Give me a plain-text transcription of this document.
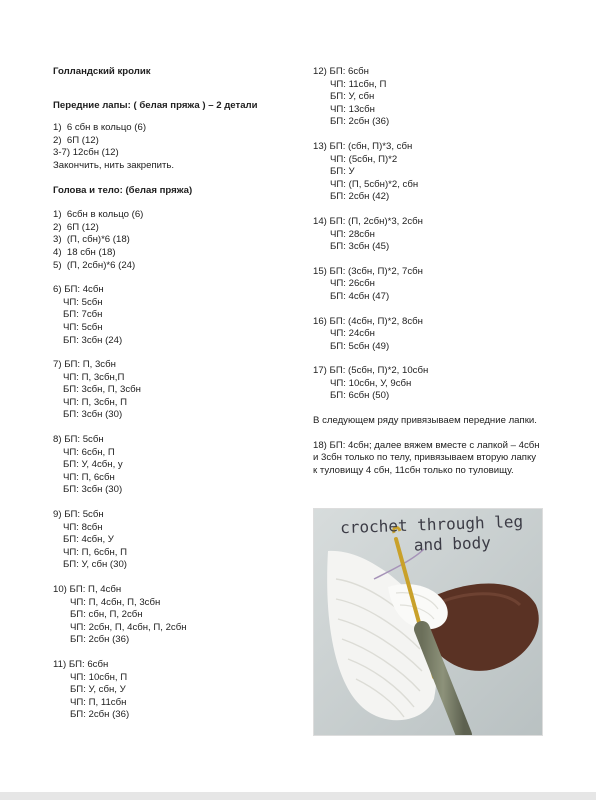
Голландский кролик
Передние лапы: ( белая пряжа ) – 2 детали
1)  6 сбн в кольцо (6)
2)  6П (12)
3-7) 12сбн (12)
Закончить, нить закрепить.
Голова и тело: (белая пряжа)
1)  6сбн в кольцо (6)
2)  6П (12)
3)  (П, сбн)*6 (18)
4)  18 сбн (18)
5)  (П, 2сбн)*6 (24)
6) БП: 4сбн
ЧП: 5сбн
БП: 7сбн
ЧП: 5сбн
БП: 3сбн (24)
7) БП: П, 3сбн
ЧП: П, 3сбн,П
БП: 3сбн, П, 3сбн
ЧП: П, 3сбн, П
БП: 3сбн (30)
8) БП: 5сбн
ЧП: 6сбн, П
БП: У, 4сбн, у
ЧП: П, 6сбн
БП: 3сбн (30)
9) БП: 5сбн
ЧП: 8сбн
БП: 4сбн, У
ЧП: П, 6сбн, П
БП: У, сбн (30)
10) БП: П, 4сбн
ЧП: П, 4сбн, П, 3сбн
БП: сбн, П, 2сбн
ЧП: 2сбн, П, 4сбн, П, 2сбн
БП: 2сбн (36)
11) БП: 6сбн
ЧП: 10сбн, П
БП: У, сбн, У
ЧП: П, 11сбн
БП: 2сбн (36)
12) БП: 6сбн
ЧП: 11сбн, П
БП: У, сбн
ЧП: 13сбн
БП: 2сбн (36)
13) БП: (сбн, П)*3, сбн
ЧП: (5сбн, П)*2
БП: У
ЧП: (П, 5сбн)*2, сбн
БП: 2сбн (42)
14) БП: (П, 2сбн)*3, 2сбн
ЧП: 28сбн
БП: 3сбн (45)
15) БП: (3сбн, П)*2, 7сбн
ЧП: 26сбн
БП: 4сбн (47)
16) БП: (4сбн, П)*2, 8сбн
ЧП: 24сбн
БП: 5сбн (49)
17) БП: (5сбн, П)*2, 10сбн
ЧП: 10сбн, У, 9сбн
БП: 6сбн (50)
В следующем ряду привязываем передние лапки.
18) БП: 4сбн; далее вяжем вместе с лапкой – 4сбн и 3сбн только по телу, привязываем вторую лапку к туловищу 4 сбн, 11сбн только по туловищу.
crochet through leg
and body
